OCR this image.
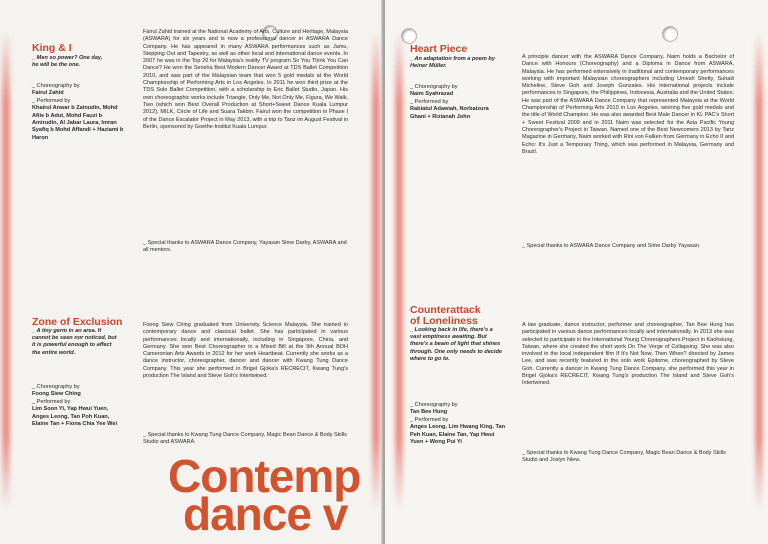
King & I
_ Men so power? One day, he will be the one.
_ Choreography by
Fairul Zahid
_ Performed by
Khairul Anwar b Zainudin, Mohd Afiie b Adut, Mohd Fauzi b Amirudin, Al Jabar Laura, Imran Syafiq b Mohd Affandi + Haziami b Haron
Fairul Zahid trained at the National Academy of Arts, Culture and Heritage, Malaysia (ASWARA) for six years and is now a professional dancer in ASWARA Dance Company. He has appeared in many ASWARA performances such as Jamu, Stepping Out and Tapestry, as well as other local and international dance events. In 2007 he was in the Top 20 for Malaysia's reality TV program So You Think You Can Dance? He won the Sensha Best Modern Dancer Award at TDS Ballet Competition 2010, and was part of the Malaysian team that won 5 gold medals at the World Championship of Performing Arts in Los Angeles. In 2011 he won third prize at the TDS Solo Ballet Competition, with a scholarship to Eric Ballet Studio, Japan. His own choreographic works include Triangle, Only Me, Not Only Me, Figura, We Walk, Two (which won Best Overall Production at Short+Sweet Dance Kuala Lumpur 2012), MILK, Circle of Life and Suara Takbin. Fairul won the competition in Phase I of the Dance Escalator Project in May 2013, with a trip to Tanz im August Festival in Berlin, sponsored by Goethe-Institut Kuala Lumpur.
_ Special thanks to ASWARA Dance Company, Yayasan Sime Darby, ASWARA and all mentors.
Zone of Exclusion
_ A tiny germ in an area. It cannot be seen nor noticed, but it is powerful enough to affect the entire world.
_ Choreography by
Foong Siew Ching
_ Performed by
Lim Soon Yi, Yap Hwui Yuen, Anges Leong, Tan Poh Kuan, Elaine Tan + Fiona Chia Yee Wei
Foong Siew Ching graduated from University Science Malaysia. She trained in contemporary dance and classical ballet. She has participated in various performances locally and internationally, including in Singapore, China, and Germany. She won Best Choreographer in a Mixed Bill at the 9th Annual BOH Cameronian Arts Awards in 2012 for her work Heartbeat. Currently she works as a dance instructor, choreographer, dancer and dancer with Kwang Tung Dance Company. This year she performed in Brigel Gjoka's RECRECIT, Kwang Tung's production The Island and Steve Goh's Intertwined.
_ Special thanks to Kwang Tung Dance Company, Magic Bean Dance & Body Skills Studio and ASWARA.
Contemp
dance v
Heart Piece
_ An adaptation from a poem by Heiner Müller.
_ Choreography by
Naim Syahrazad
_ Performed by
Rabiatul Adawiah, Norbaizura Ghani + Rizianah John
A principle dancer with the ASWARA Dance Company, Naim holds a Bachelor of Dance with Honours (Choreography) and a Diploma in Dance from ASWARA, Malaysia. He has performed extensively in traditional and contemporary performances working with important Malaysian choreographers including Umesh Shetty, Suhaili Micheline, Steve Goh and Joseph Gonzales. His international projects include performances in Singapore, the Philippines, Indonesia, Australia and the United States. He was part of the ASWARA Dance Company that represented Malaysia at the World Championship of Performing Arts 2010 in Los Angeles, winning five gold medals and the title of World Champion. He was also awarded Best Male Dancer in KL PAC's Short + Sweet Festival 2009 and in 2011 Naim was selected for the Asia Pacific Young Choreographer's Project in Taiwan. Named one of the Best Newcomers 2013 by Tanz Magazine in Germany, Naim worked with Rini von Falken from Germany in Echo II and Echo: It's Just a Temporary Thing, which was performed in Malaysia, Germany and Brazil.
_ Special thanks to ASWARA Dance Company and Sime Darby Yayasan.
Counterattack
of Loneliness
_ Looking back in life, there's a vast emptiness awaiting. But there's a beam of light that shines through. One only needs to decide where to go to.
_ Choreography by
Tan Bee Hung
_ Performed by
Anges Leong, Lim Hwang King, Tan Peh Kuan, Elaine Tan, Yap Hwui Yuen + Wong Pui Yi
A law graduate, dance instructor, performer and choreographer, Tan Bee Hung has participated in various dance performances locally and internationally. In 2013 she was selected to participate in the International Young Choreographers Project in Kaohsiung, Taiwan, where she created the short work On The Verge of Collapsing. She was also involved in the local independent film If It's Not Now, Then When? directed by James Lee, and was recently featured in the solo work Epitome, choreographed by Steve Goh. Currently a dancer in Kwang Tung Dance Company, she performed this year in Brigel Gjoka's RECRECIT, Kwang Tung's production The Island and Steve Goh's Intertwined.
_ Special thanks to Kwang Tung Dance Company, Magic Bean Dance & Body Skills Studio and Joslyn Niew.
